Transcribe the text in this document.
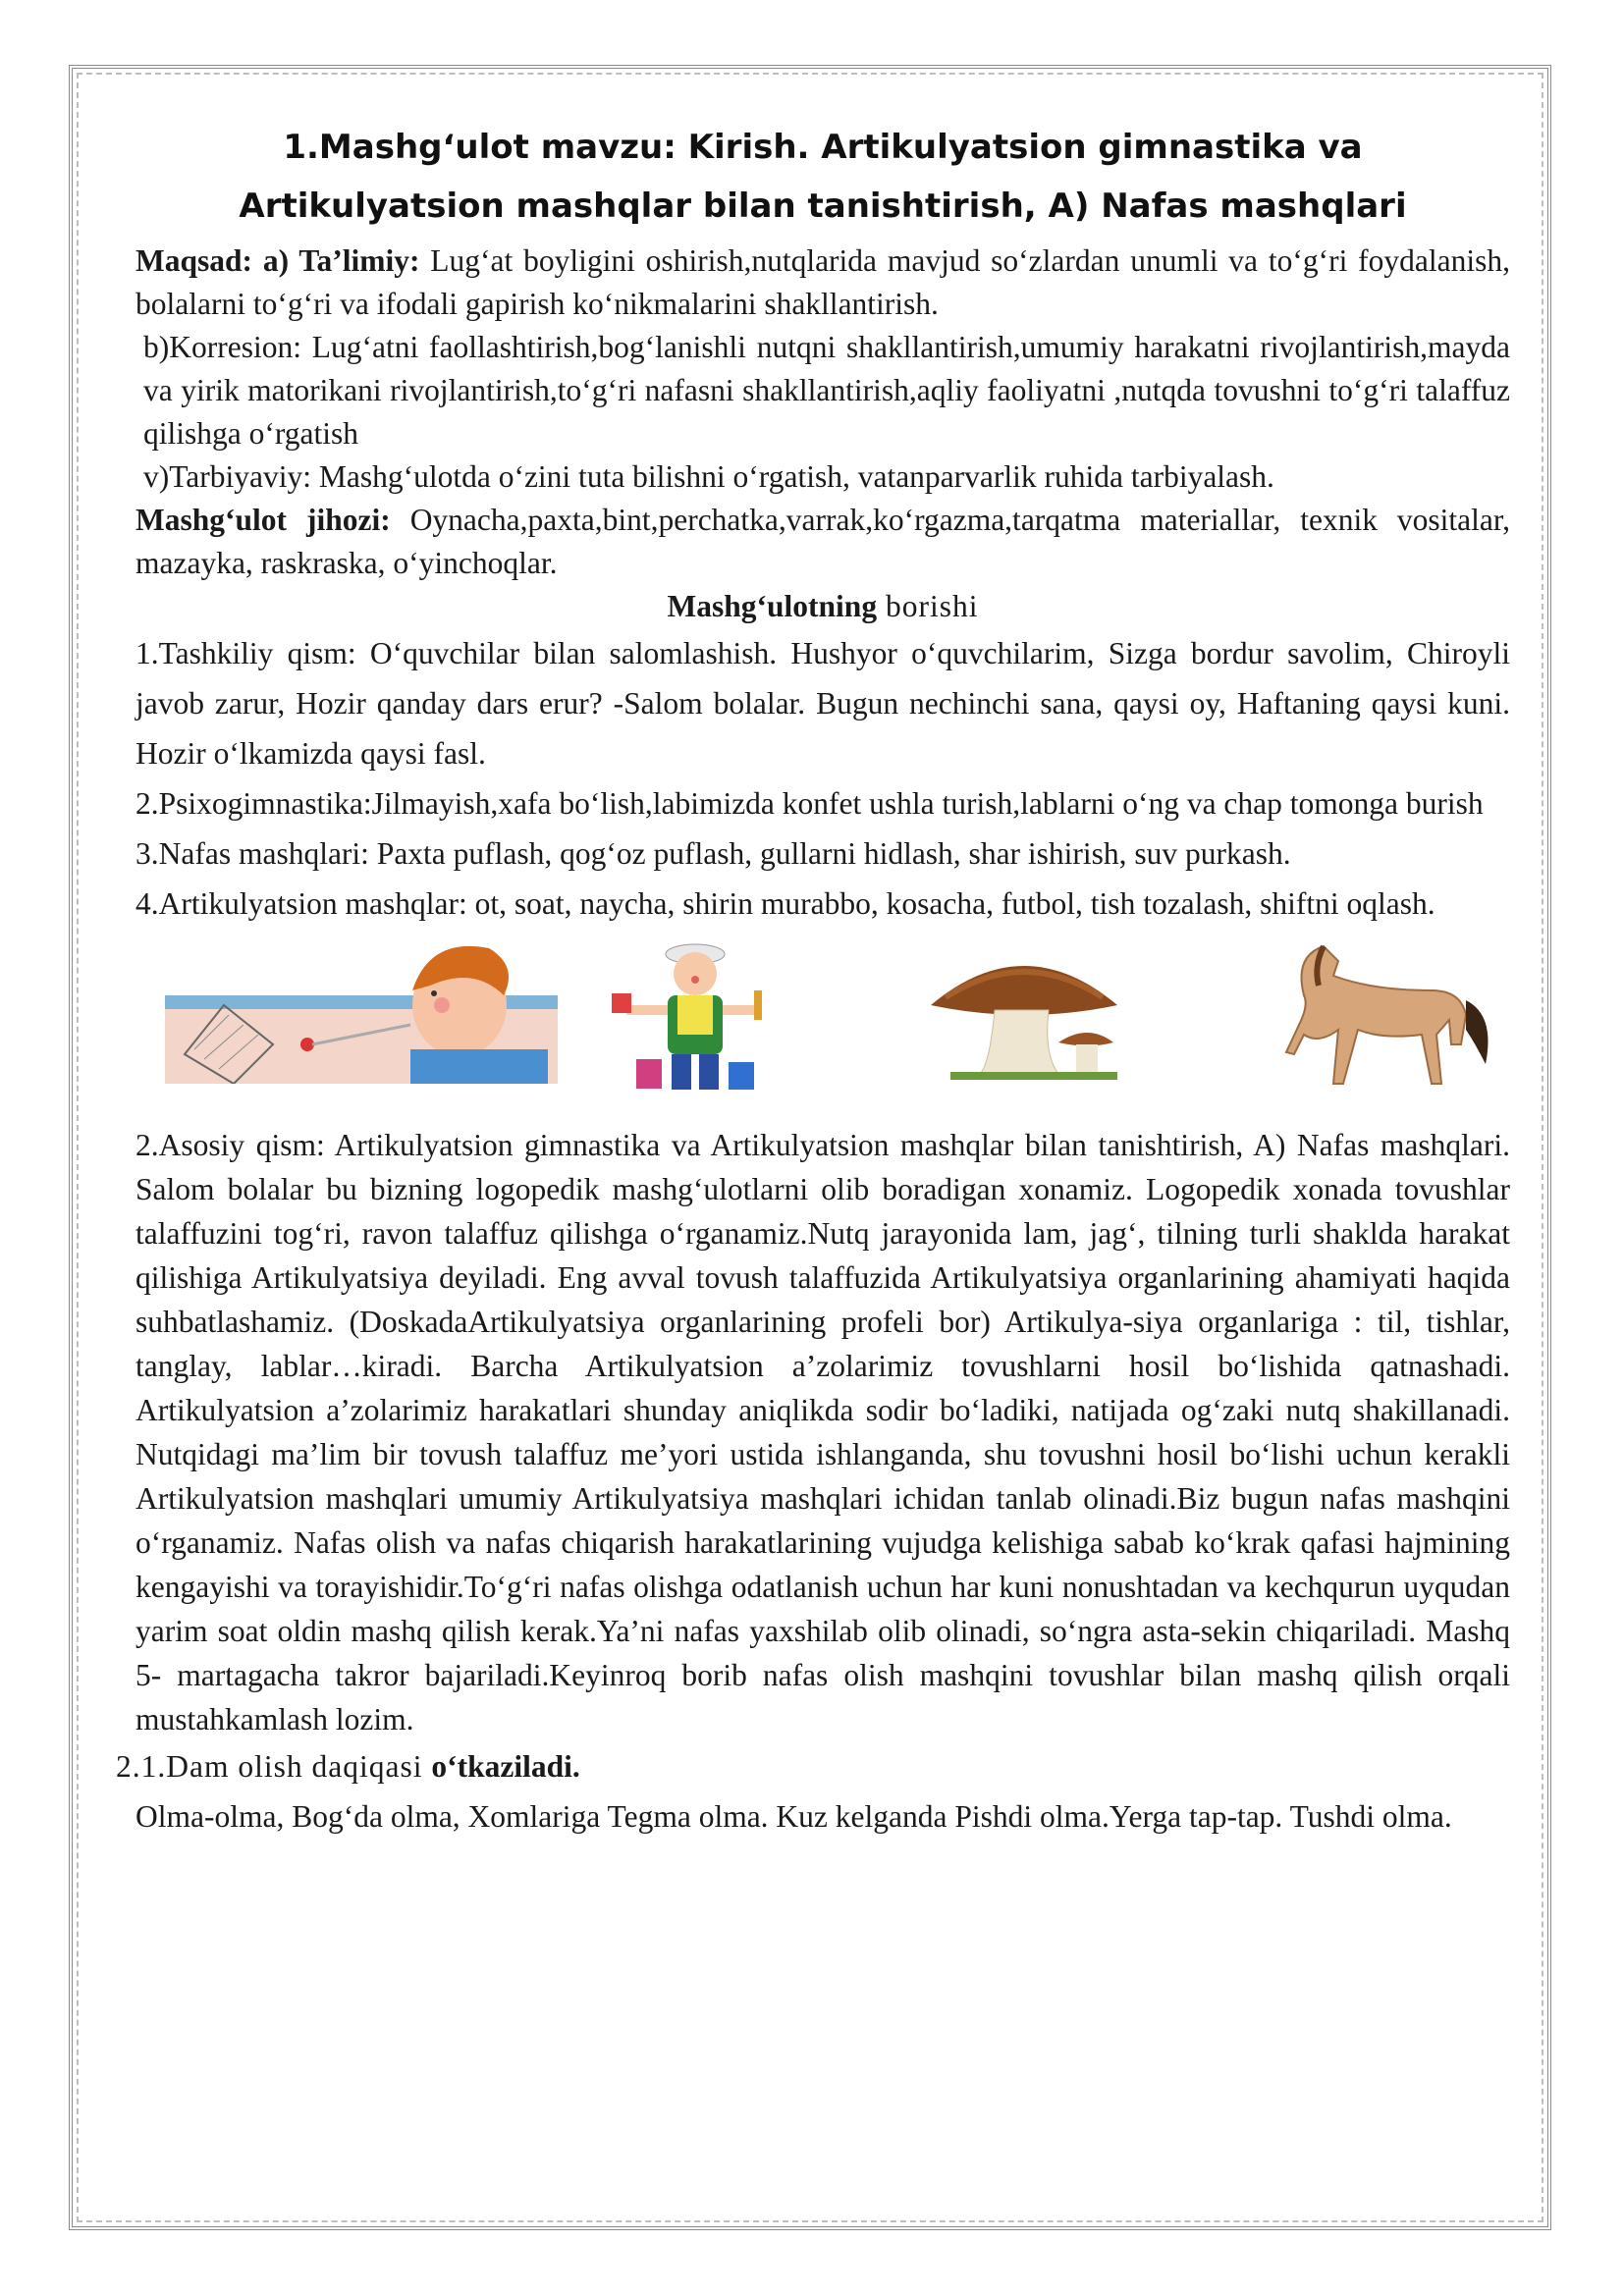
1.Mashg‘ulot mavzu: Kirish. Artikulyatsion gimnastika va
Artikulyatsion mashqlar bilan tanishtirish, A) Nafas mashqlari

Maqsad: a) Ta’limiy: Lug‘at boyligini oshirish,nutqlarida mavjud so‘zlardan unumli va to‘g‘ri foydalanish, bolalarni to‘g‘ri va ifodali gapirish ko‘nikmalarini shakllantirish.

b)Korresion: Lug‘atni faollashtirish,bog‘lanishli nutqni shakllantirish,umumiy harakatni rivojlantirish,mayda va yirik matorikani rivojlantirish,to‘g‘ri nafasni shakllantirish,aqliy faoliyatni ,nutqda tovushni to‘g‘ri talaffuz qilishga o‘rgatish

v)Tarbiyaviy: Mashg‘ulotda o‘zini tuta bilishni o‘rgatish, vatanparvarlik ruhida tarbiyalash.

Mashg‘ulot jihozi: Oynacha,paxta,bint,perchatka,varrak,ko‘rgazma,tarqatma materiallar, texnik vositalar, mazayka, raskraska, o‘yinchoqlar.

Mashg‘ulotning borishi

1.Tashkiliy qism: O‘quvchilar bilan salomlashish. Hushyor o‘quvchilarim, Sizga bordur savolim, Chiroyli javob zarur, Hozir qanday dars erur? -Salom bolalar. Bugun nechinchi sana, qaysi oy, Haftaning qaysi kuni. Hozir o‘lkamizda qaysi fasl.

2.Psixogimnastika:Jilmayish,xafa bo‘lish,labimizda konfet ushla turish,lablarni o‘ng va chap tomonga burish

3.Nafas mashqlari: Paxta puflash, qog‘oz puflash, gullarni hidlash, shar ishirish, suv purkash.

4.Artikulyatsion mashqlar: ot, soat, naycha, shirin murabbo, kosacha, futbol, tish tozalash, shiftni oqlash.

2.Asosiy qism: Artikulyatsion gimnastika va Artikulyatsion mashqlar bilan tanishtirish, A) Nafas mashqlari. Salom bolalar bu bizning logopedik mashg‘ulotlarni olib boradigan xonamiz. Logopedik xonada tovushlar talaffuzini tog‘ri, ravon talaffuz qilishga o‘rganamiz.Nutq jarayonida lam, jag‘, tilning turli shaklda harakat qilishiga Artikulyatsiya deyiladi. Eng avval tovush talaffuzida Artikulyatsiya organlarining ahamiyati haqida suhbatlashamiz. (DoskadaArtikulyatsiya organlarining profeli bor) Artikulya-siya organlariga : til, tishlar, tanglay, lablar…kiradi. Barcha Artikulyatsion a’zolarimiz tovushlarni hosil bo‘lishida qatnashadi. Artikulyatsion a’zolarimiz harakatlari shunday aniqlikda sodir bo‘ladiki, natijada og‘zaki nutq shakillanadi. Nutqidagi ma’lim bir tovush talaffuz me’yori ustida ishlanganda, shu tovushni hosil bo‘lishi uchun kerakli Artikulyatsion mashqlari umumiy Artikulyatsiya mashqlari ichidan tanlab olinadi.Biz bugun nafas mashqini o‘rganamiz. Nafas olish va nafas chiqarish harakatlarining vujudga kelishiga sabab ko‘krak qafasi hajmining kengayishi va torayishidir.To‘g‘ri nafas olishga odatlanish uchun har kuni nonushtadan va kechqurun uyqudan yarim soat oldin mashq qilish kerak.Ya’ni nafas yaxshilab olib olinadi, so‘ngra asta-sekin chiqariladi. Mashq 5- martagacha takror bajariladi.Keyinroq borib nafas olish mashqini tovushlar bilan mashq qilish orqali mustahkamlash lozim.

2.1.Dam olish daqiqasi o‘tkaziladi.

Olma-olma, Bog‘da olma, Xomlariga Tegma olma. Kuz kelganda Pishdi olma.Yerga tap-tap. Tushdi olma.
